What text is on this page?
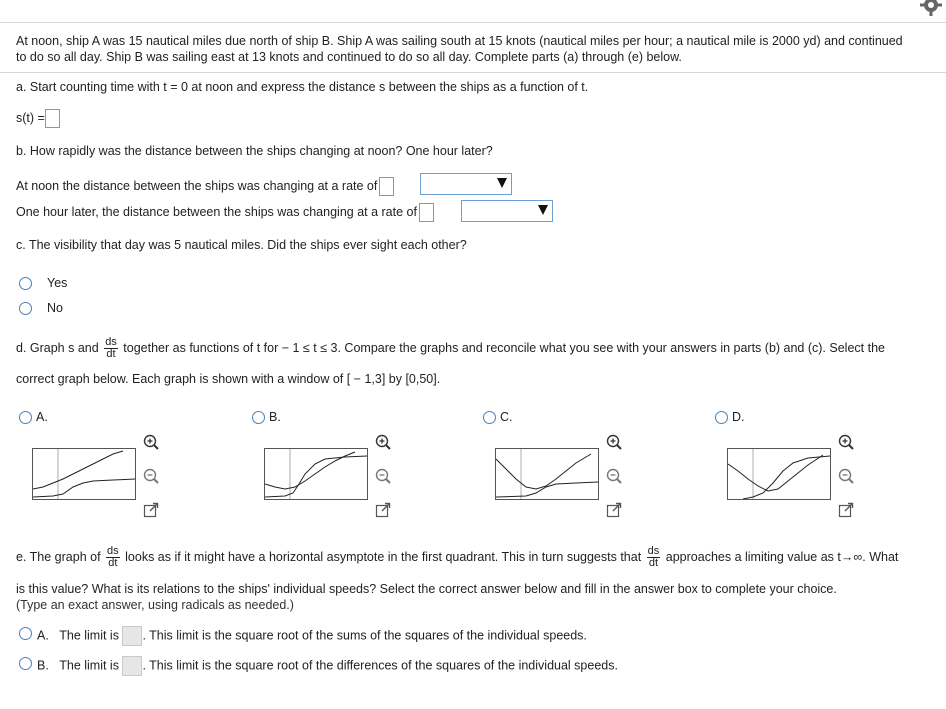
At noon, ship A was 15 nautical miles due north of ship B. Ship A was sailing south at 15 knots (nautical miles per hour; a nautical mile is 2000 yd) and continued
to do so all day. Ship B was sailing east at 13 knots and continued to do so all day. Complete parts (a) through (e) below.
a. Start counting time with t = 0 at noon and express the distance s between the ships as a function of t.
s(t) =
b. How rapidly was the distance between the ships changing at noon? One hour later?
At noon the distance between the ships was changing at a rate of
One hour later, the distance between the ships was changing at a rate of
c. The visibility that day was 5 nautical miles. Did the ships ever sight each other?
Yes
No
d. Graph s and $\frac{ds}{dt}$ together as functions of t for − 1 ≤ t ≤ 3. Compare the graphs and reconcile what you see with your answers in parts (b) and (c). Select the
correct graph below. Each graph is shown with a window of [ − 1,3] by [0,50].
A.	B.	C.	D.
e. The graph of $\frac{ds}{dt}$ looks as if it might have a horizontal asymptote in the first quadrant. This in turn suggests that $\frac{ds}{dt}$ approaches a limiting value as t→∞. What
is this value? What is its relations to the ships' individual speeds? Select the correct answer below and fill in the answer box to complete your choice.
(Type an exact answer, using radicals as needed.)
A. The limit is . This limit is the square root of the sums of the squares of the individual speeds.
B. The limit is . This limit is the square root of the differences of the squares of the individual speeds.
